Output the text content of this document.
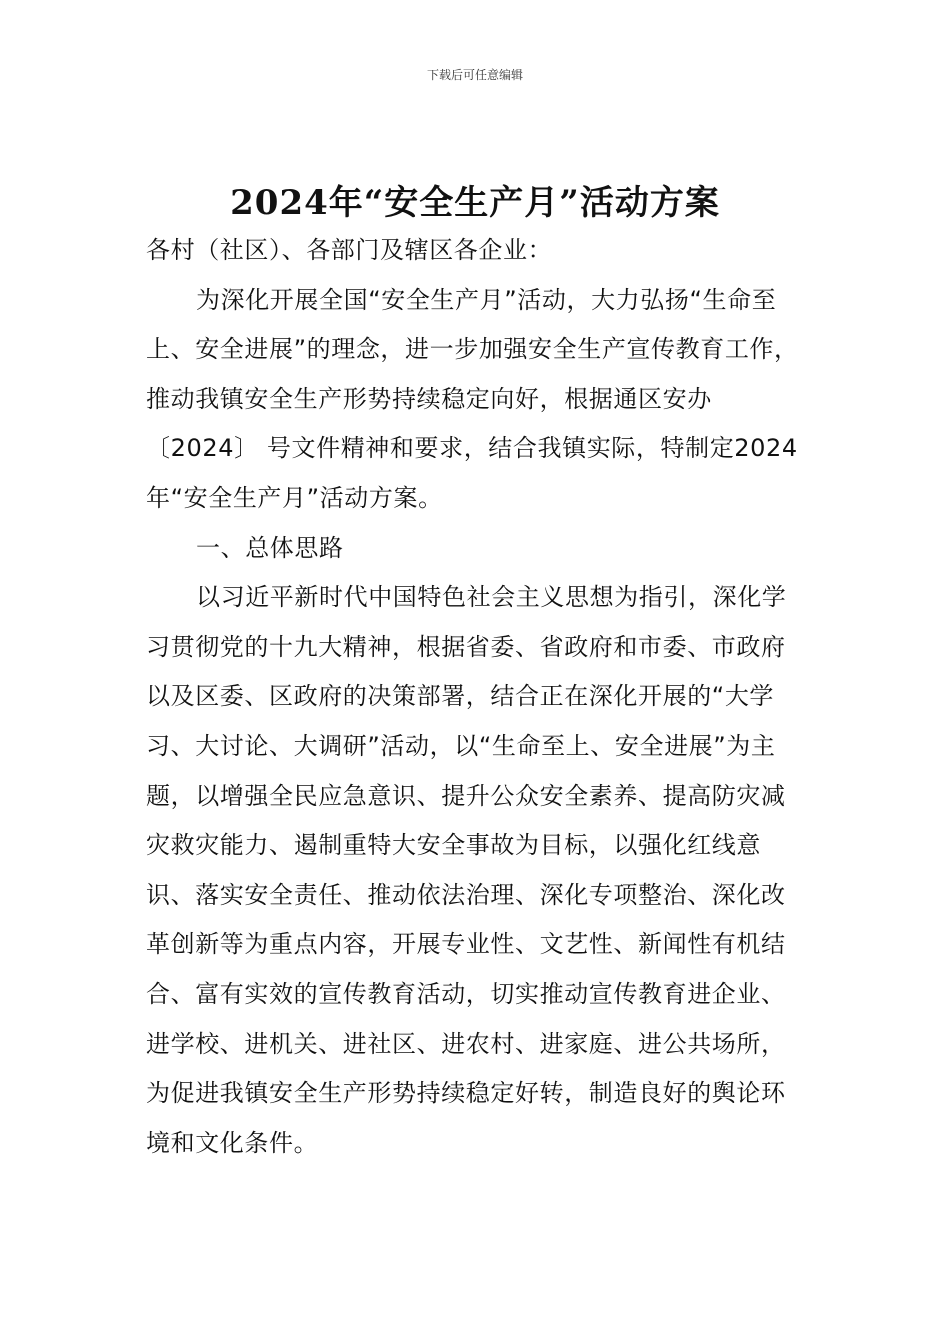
下载后可任意编辑
2024年“安全生产月”活动方案

各村（社区）、各部门及辖区各企业：

为深化开展全国“安全生产月”活动，大力弘扬“生命至上、安全进展”的理念，进一步加强安全生产宣传教育工作，推动我镇安全生产形势持续稳定向好，根据通区安办〔2024〕 号文件精神和要求，结合我镇实际，特制定2024年“安全生产月”活动方案。

一、总体思路

以习近平新时代中国特色社会主义思想为指引，深化学习贯彻党的十九大精神，根据省委、省政府和市委、市政府以及区委、区政府的决策部署，结合正在深化开展的“大学习、大讨论、大调研”活动，以“生命至上、安全进展”为主题，以增强全民应急意识、提升公众安全素养、提高防灾减灾救灾能力、遏制重特大安全事故为目标，以强化红线意识、落实安全责任、推动依法治理、深化专项整治、深化改革创新等为重点内容，开展专业性、文艺性、新闻性有机结合、富有实效的宣传教育活动，切实推动宣传教育进企业、进学校、进机关、进社区、进农村、进家庭、进公共场所，为促进我镇安全生产形势持续稳定好转，制造良好的舆论环境和文化条件。
